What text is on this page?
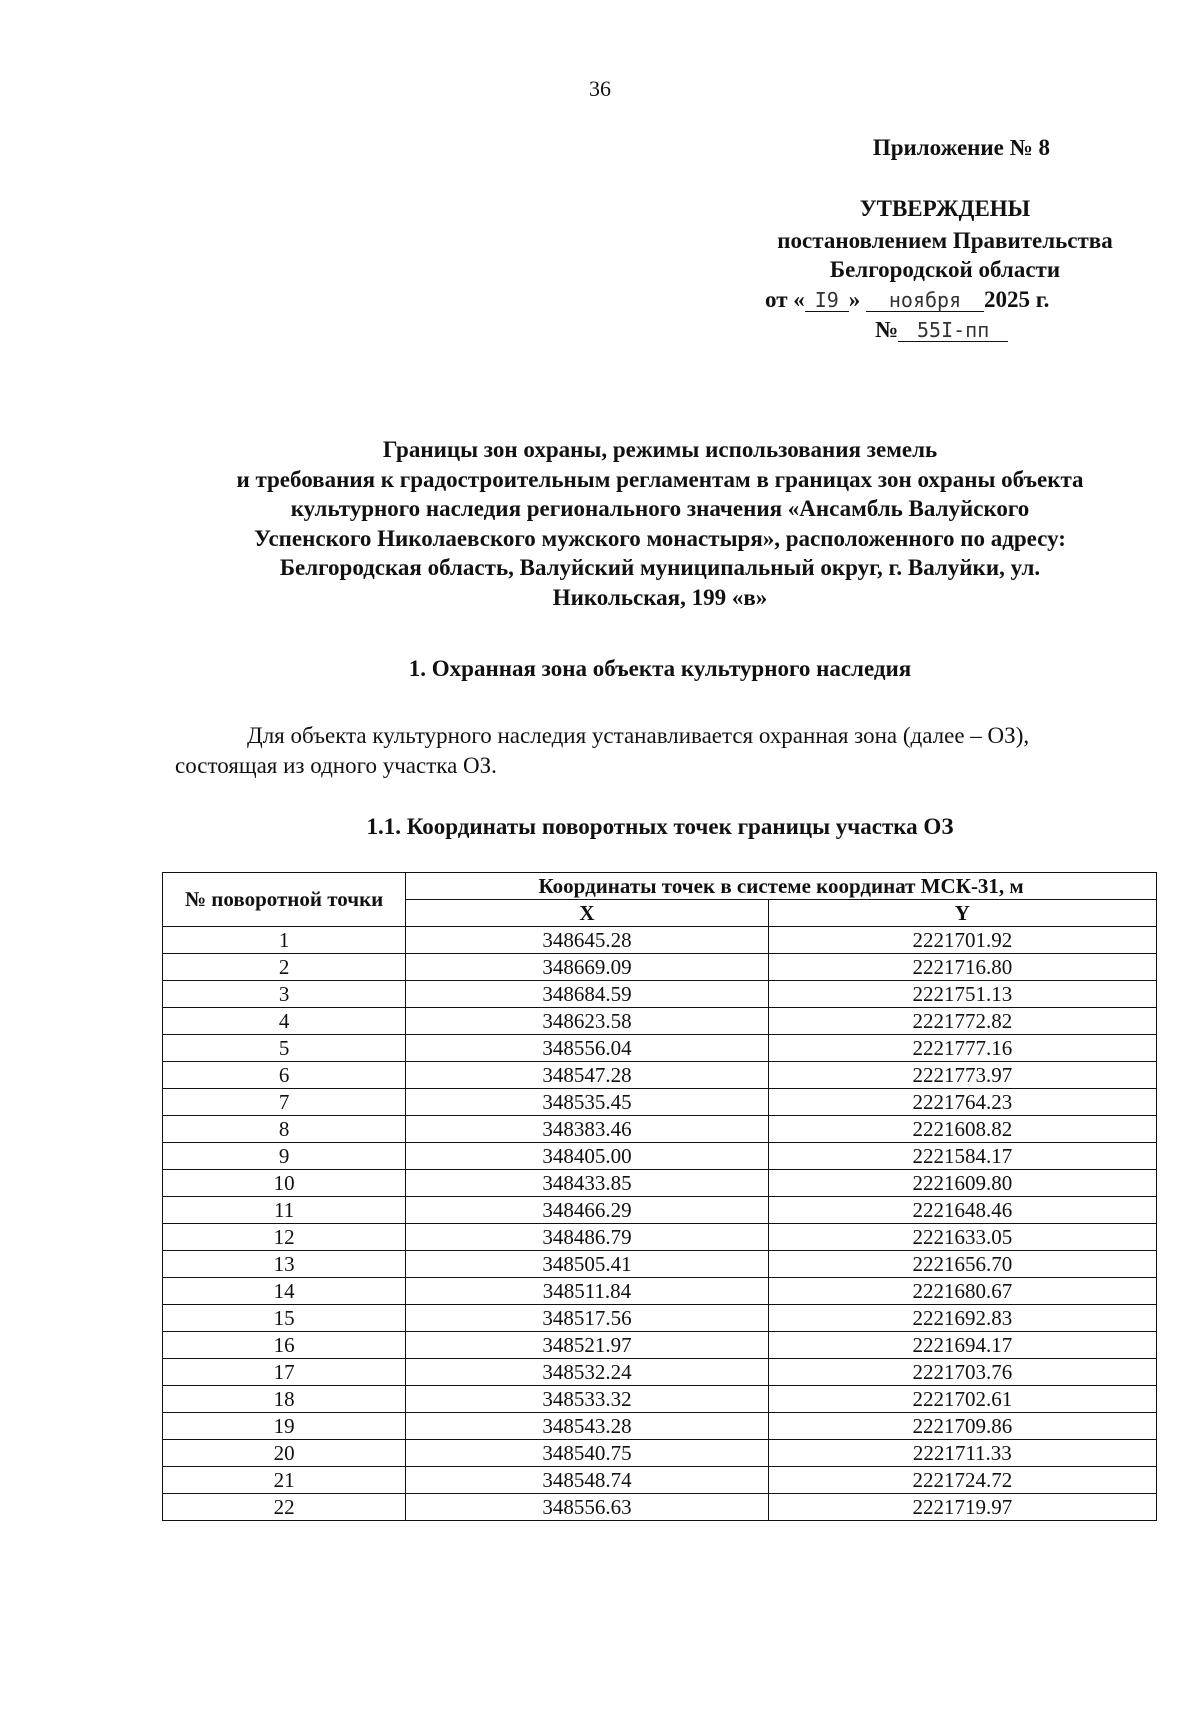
36
Приложение № 8
УТВЕРЖДЕНЫ
постановлением Правительства
Белгородской области
от « I9 » ноября 2025 г.
№ 55I-пп
Границы зон охраны, режимы использования земель
и требования к градостроительным регламентам в границах зон охраны объекта
культурного наследия регионального значения «Ансамбль Валуйского
Успенского Николаевского мужского монастыря», расположенного по адресу:
Белгородская область, Валуйский муниципальный округ, г. Валуйки, ул.
Никольская, 199 «в»
1. Охранная зона объекта культурного наследия
Для объекта культурного наследия устанавливается охранная зона (далее – ОЗ),
состоящая из одного участка ОЗ.
1.1. Координаты поворотных точек границы участка ОЗ
№ поворотной точки	Координаты точек в системе координат МСК-31, м	
	X	Y
1	348645.28	2221701.92
2	348669.09	2221716.80
3	348684.59	2221751.13
4	348623.58	2221772.82
5	348556.04	2221777.16
6	348547.28	2221773.97
7	348535.45	2221764.23
8	348383.46	2221608.82
9	348405.00	2221584.17
10	348433.85	2221609.80
11	348466.29	2221648.46
12	348486.79	2221633.05
13	348505.41	2221656.70
14	348511.84	2221680.67
15	348517.56	2221692.83
16	348521.97	2221694.17
17	348532.24	2221703.76
18	348533.32	2221702.61
19	348543.28	2221709.86
20	348540.75	2221711.33
21	348548.74	2221724.72
22	348556.63	2221719.97
